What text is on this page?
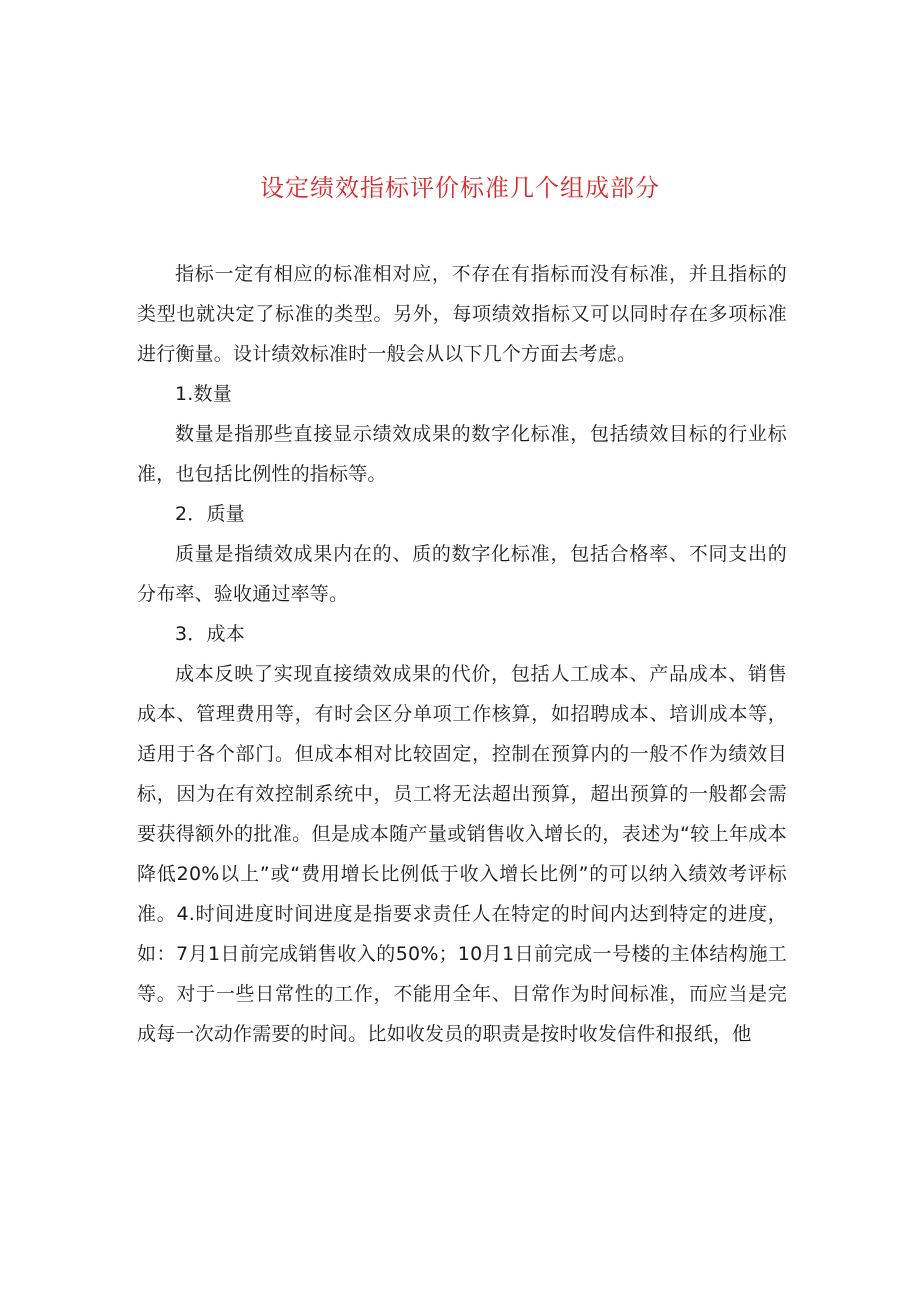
设定绩效指标评价标准几个组成部分

指标一定有相应的标准相对应，不存在有指标而没有标准，并且指标的类型也就决定了标准的类型。另外，每项绩效指标又可以同时存在多项标准进行衡量。设计绩效标准时一般会从以下几个方面去考虑。

1.数量

数量是指那些直接显示绩效成果的数字化标准，包括绩效目标的行业标准，也包括比例性的指标等。

2．质量

质量是指绩效成果内在的、质的数字化标准，包括合格率、不同支出的分布率、验收通过率等。

3．成本

成本反映了实现直接绩效成果的代价，包括人工成本、产品成本、销售成本、管理费用等，有时会区分单项工作核算，如招聘成本、培训成本等，适用于各个部门。但成本相对比较固定，控制在预算内的一般不作为绩效目标，因为在有效控制系统中，员工将无法超出预算，超出预算的一般都会需要获得额外的批准。但是成本随产量或销售收入增长的，表述为“较上年成本降低20%以上”或“费用增长比例低于收入增长比例”的可以纳入绩效考评标准。4.时间进度时间进度是指要求责任人在特定的时间内达到特定的进度，如：7月1日前完成销售收入的50%；10月1日前完成一号楼的主体结构施工等。对于一些日常性的工作，不能用全年、日常作为时间标准，而应当是完成每一次动作需要的时间。比如收发员的职责是按时收发信件和报纸，他
